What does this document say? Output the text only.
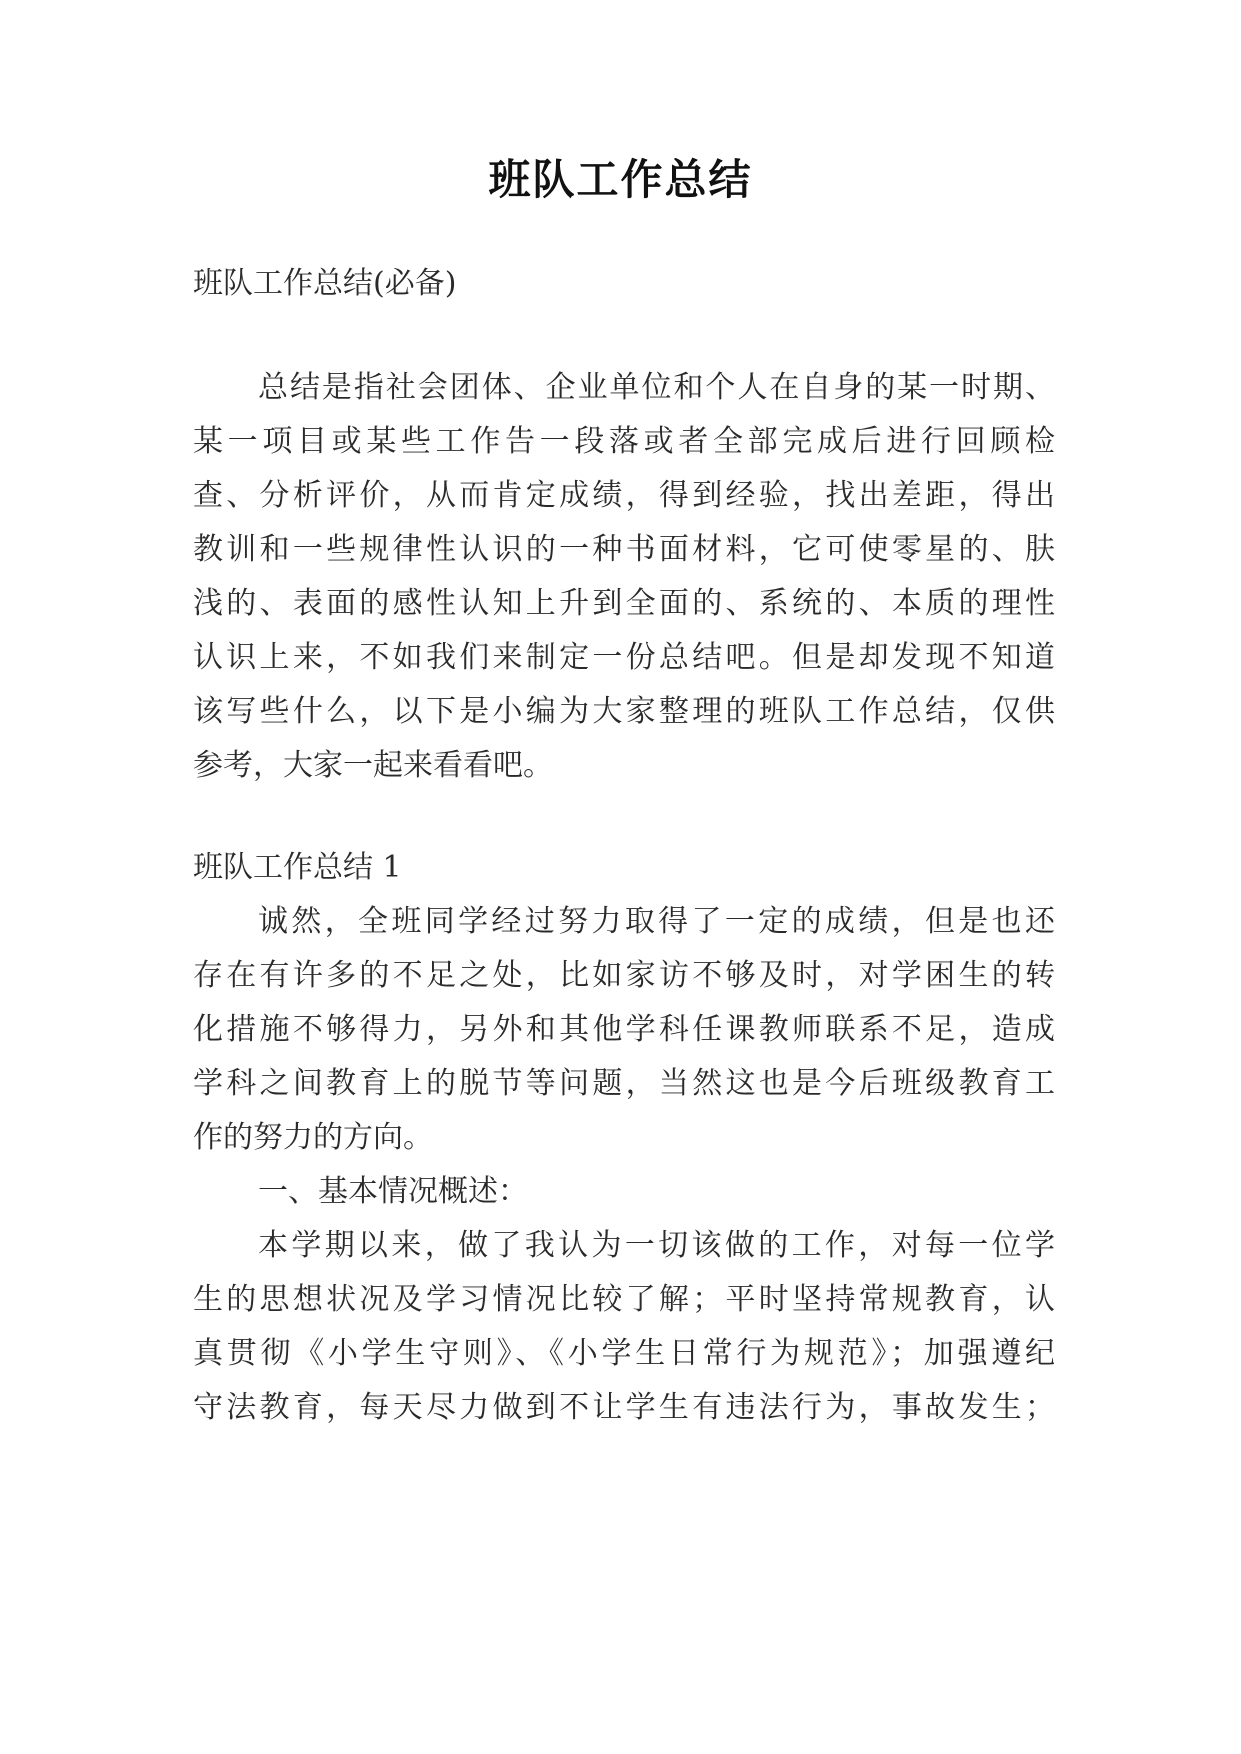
班队工作总结

班队工作总结(必备)

总结是指社会团体、企业单位和个人在自身的某一时期、

某一项目或某些工作告一段落或者全部完成后进行回顾检

查、分析评价，从而肯定成绩，得到经验，找出差距，得出

教训和一些规律性认识的一种书面材料，它可使零星的、肤

浅的、表面的感性认知上升到全面的、系统的、本质的理性

认识上来，不如我们来制定一份总结吧。但是却发现不知道

该写些什么，以下是小编为大家整理的班队工作总结，仅供

参考，大家一起来看看吧。

班队工作总结 1

诚然，全班同学经过努力取得了一定的成绩，但是也还

存在有许多的不足之处，比如家访不够及时，对学困生的转

化措施不够得力，另外和其他学科任课教师联系不足，造成

学科之间教育上的脱节等问题，当然这也是今后班级教育工

作的努力的方向。

一、基本情况概述：

本学期以来，做了我认为一切该做的工作，对每一位学

生的思想状况及学习情况比较了解；平时坚持常规教育，认

真贯彻《小学生守则》、《小学生日常行为规范》；加强遵纪

守法教育，每天尽力做到不让学生有违法行为，事故发生；
